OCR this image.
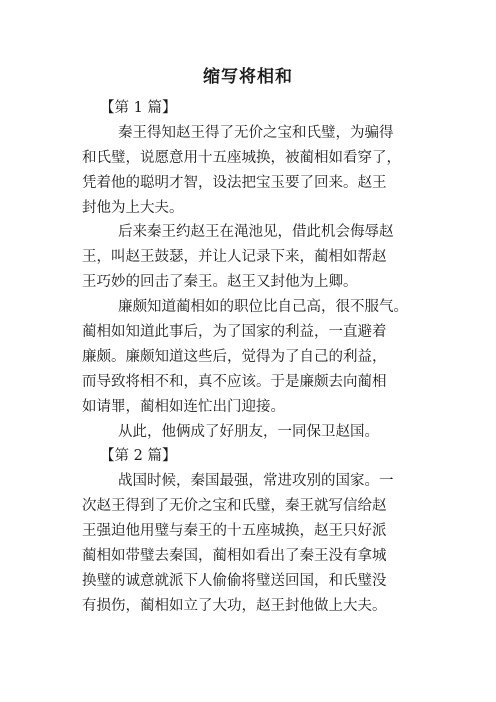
缩写将相和
【第 1 篇】
秦王得知赵王得了无价之宝和氏璧，为骗得
和氏璧，说愿意用十五座城换，被蔺相如看穿了，
凭着他的聪明才智，设法把宝玉要了回来。赵王
封他为上大夫。
后来秦王约赵王在渑池见，借此机会侮辱赵
王，叫赵王鼓瑟，并让人记录下来，蔺相如帮赵
王巧妙的回击了秦王。赵王又封他为上卿。
廉颇知道蔺相如的职位比自己高，很不服气。
蔺相如知道此事后，为了国家的利益，一直避着
廉颇。廉颇知道这些后，觉得为了自己的利益，
而导致将相不和，真不应该。于是廉颇去向蔺相
如请罪，蔺相如连忙出门迎接。
从此，他俩成了好朋友，一同保卫赵国。
【第 2 篇】
战国时候，秦国最强，常进攻别的国家。一
次赵王得到了无价之宝和氏璧，秦王就写信给赵
王强迫他用璧与秦王的十五座城换，赵王只好派
蔺相如带璧去秦国，蔺相如看出了秦王没有拿城
换璧的诚意就派下人偷偷将璧送回国，和氏璧没
有损伤，蔺相如立了大功，赵王封他做上大夫。
